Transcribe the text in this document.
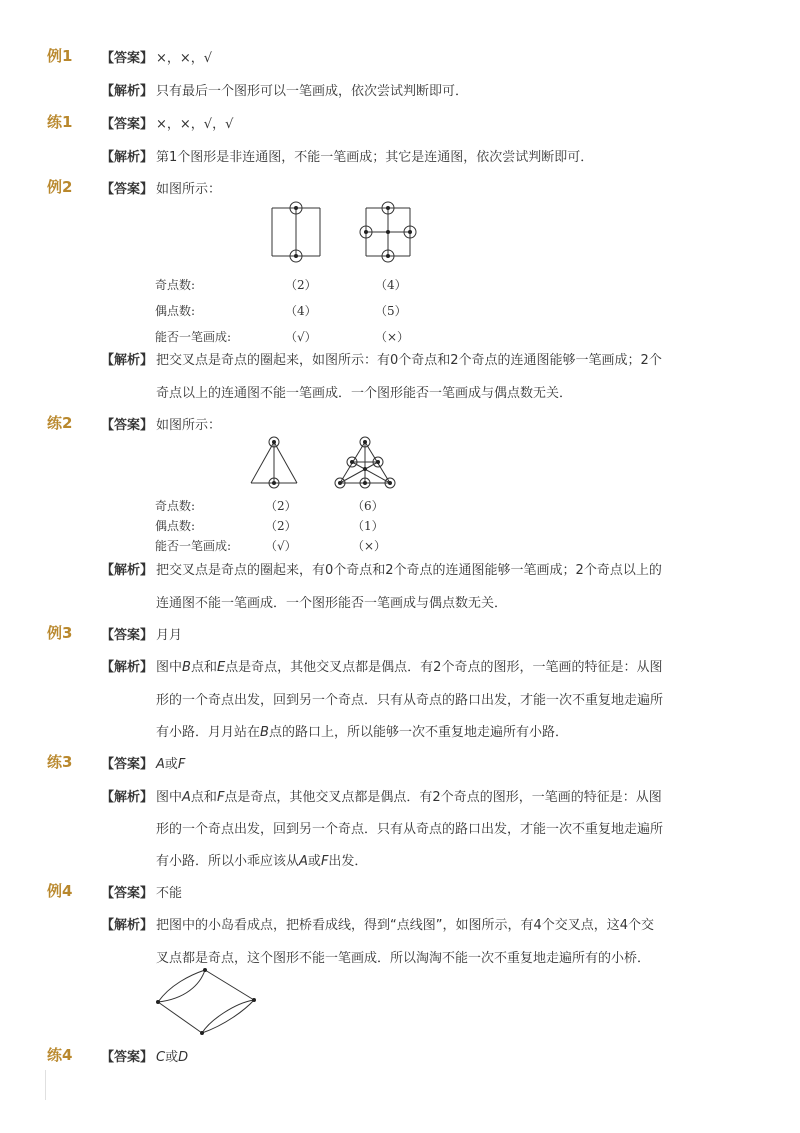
例1 【答案】 ×，×，√
【解析】 只有最后一个图形可以一笔画成，依次尝试判断即可．
练1 【答案】 ×，×，√，√
【解析】 第1个图形是非连通图，不能一笔画成；其它是连通图，依次尝试判断即可．
例2 【答案】 如图所示：
奇点数:	（2）	（4）
偶点数:	（4）	（5）
能否一笔画成:	（√）	（×）
【解析】 把交叉点是奇点的圈起来，如图所示：有0个奇点和2个奇点的连通图能够一笔画成；2个
奇点以上的连通图不能一笔画成．一个图形能否一笔画成与偶点数无关．
练2 【答案】 如图所示：
奇点数:	（2）	（6）
偶点数:	（2）	（1）
能否一笔画成:	（√）	（×）
【解析】 把交叉点是奇点的圈起来，有0个奇点和2个奇点的连通图能够一笔画成；2个奇点以上的
连通图不能一笔画成．一个图形能否一笔画成与偶点数无关．
例3 【答案】 月月
【解析】 图中B点和E点是奇点，其他交叉点都是偶点．有2个奇点的图形，一笔画的特征是：从图
形的一个奇点出发，回到另一个奇点．只有从奇点的路口出发，才能一次不重复地走遍所
有小路．月月站在B点的路口上，所以能够一次不重复地走遍所有小路．
练3 【答案】 A或F
【解析】 图中A点和F点是奇点，其他交叉点都是偶点．有2个奇点的图形，一笔画的特征是：从图
形的一个奇点出发，回到另一个奇点．只有从奇点的路口出发，才能一次不重复地走遍所
有小路．所以小乖应该从A或F出发．
例4 【答案】 不能
【解析】 把图中的小岛看成点，把桥看成线，得到“点线图”，如图所示，有4个交叉点，这4个交
叉点都是奇点，这个图形不能一笔画成．所以淘淘不能一次不重复地走遍所有的小桥．
练4 【答案】 C或D
